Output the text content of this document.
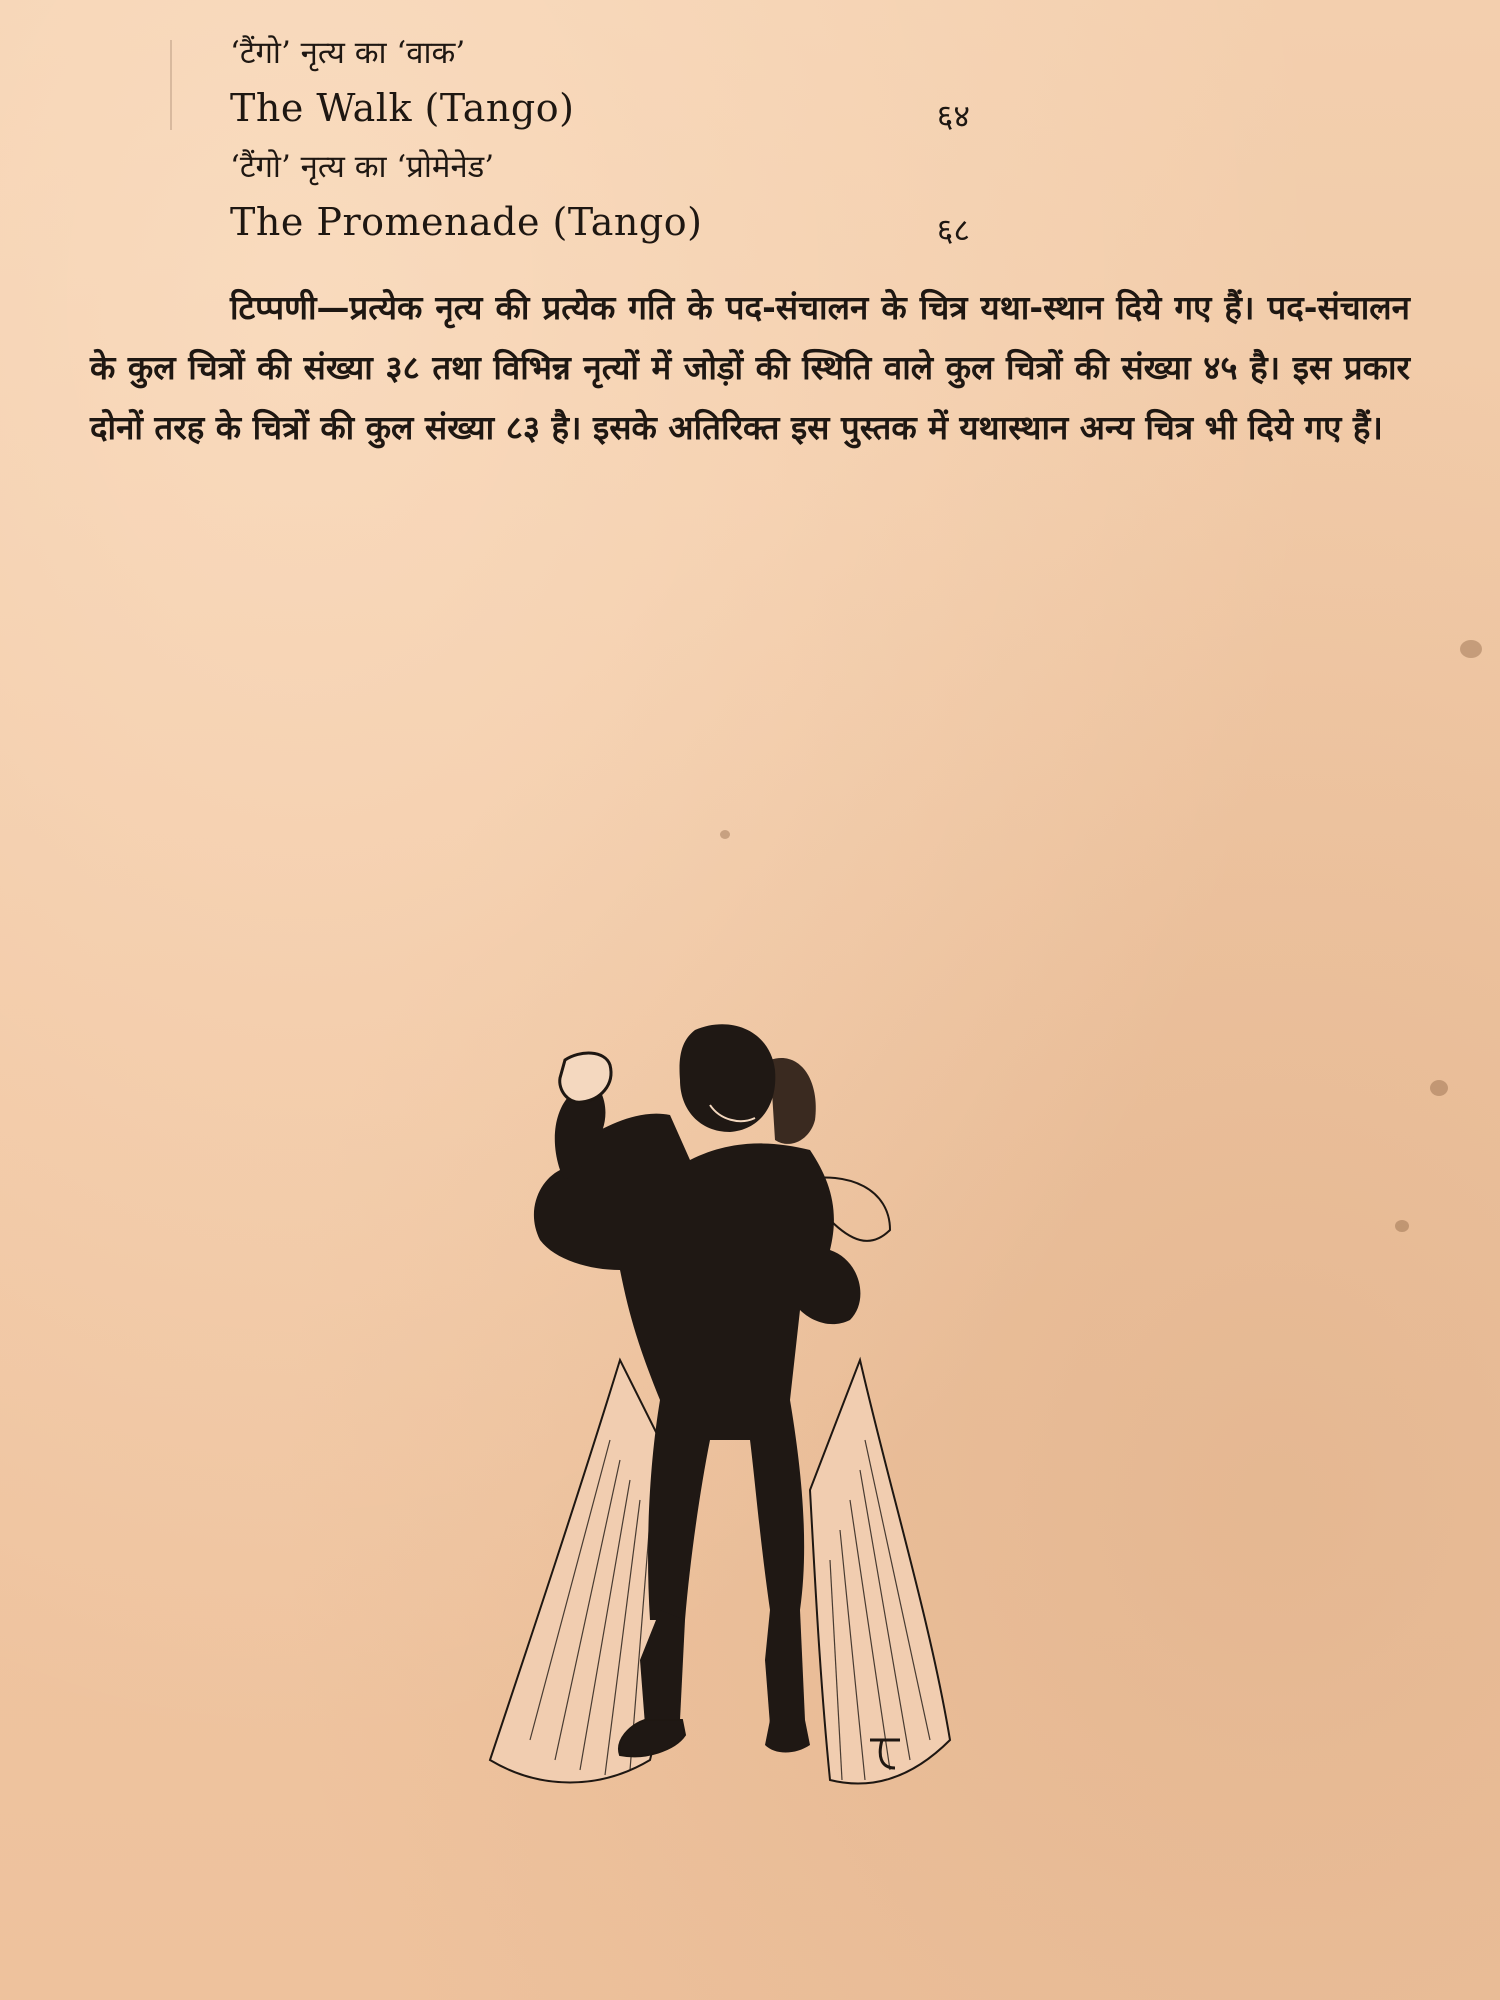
‘टैंगो’ नृत्य का ‘वाक’
The Walk (Tango)	६४
‘टैंगो’ नृत्य का ‘प्रोमेनेड’
The Promenade (Tango)	६८
टिप्पणी—प्रत्येक नृत्य की प्रत्येक गति के पद-संचालन के चित्र यथा-स्थान दिये गए हैं। पद-संचालन के कुल चित्रों की संख्या ३८ तथा विभिन्न नृत्यों में जोड़ों की स्थिति वाले कुल चित्रों की संख्या ४५ है। इस प्रकार दोनों तरह के चित्रों की कुल संख्या ८३ है। इसके अतिरिक्त इस पुस्तक में यथास्थान अन्य चित्र भी दिये गए हैं।
